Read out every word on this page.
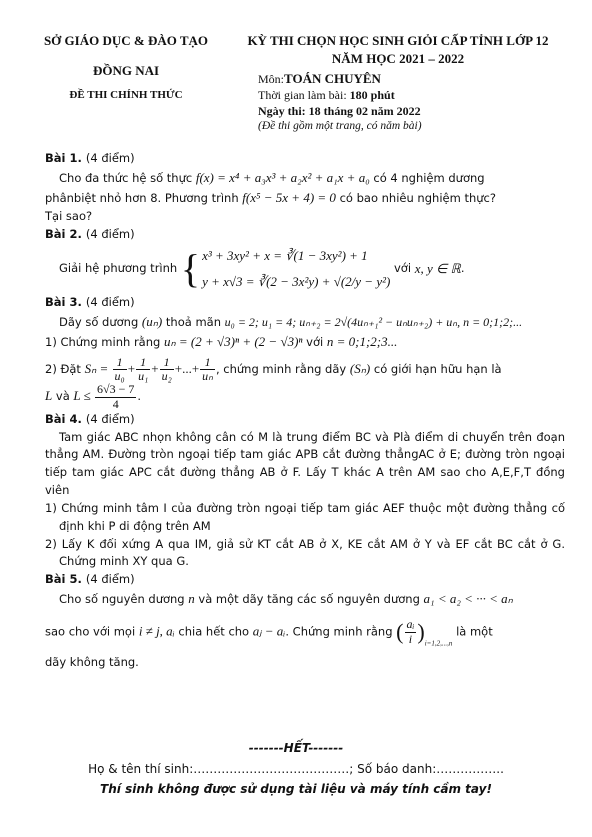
SỞ GIÁO DỤC & ĐÀO TẠO
ĐỒNG NAI
ĐỀ THI CHÍNH THỨC
KỲ THI CHỌN HỌC SINH GIỎI CẤP TỈNH LỚP 12
NĂM HỌC 2021 – 2022
Môn:TOÁN CHUYÊN
Thời gian làm bài: 180 phút
Ngày thi: 18 tháng 02 năm 2022
(Đề thi gồm một trang, có năm bài)

Bài 1. (4 điểm)

Cho đa thức hệ số thực f(x) = x⁴ + a₃x³ + a₂x² + a₁x + a₀ có 4 nghiệm dương

phânbiệt nhỏ hơn 8. Phương trình f(x⁵ − 5x + 4) = 0 có bao nhiêu nghiệm thực?

Tại sao?

Bài 2. (4 điểm)

Giải hệ phương trình { x³ + 3xy² + x = ∛(1 − 3xy²) + 1
y + x√3 = ∛(2 − 3x²y) + √(2/y − y²)
với x, y ∈ ℝ.

Bài 3. (4 điểm)

Dãy số dương (uₙ) thoả mãn u₀ = 2; u₁ = 4; uₙ₊₂ = 2√(4uₙ₊₁² − uₙuₙ₊₂) + uₙ, n = 0;1;2;...

1) Chứng minh rằng uₙ = (2 + √3)ⁿ + (2 − √3)ⁿ với n = 0;1;2;3...

2) Đặt $S_n = \frac{1}{\text{u₀}} + \frac{1}{\text{u₁}} + \frac{1}{\text{u₂}}$ +...+ $\frac{1}{\text{uₙ}}$ , chứng minh rằng dãy (Sₙ) có giới hạn hữu hạn là

L và $L \le \frac{6√3 - 7}{4}$ .

Bài 4. (4 điểm)

Tam giác ABC nhọn không cân có M là trung điểm BC và Plà điểm di chuyển trên đoạn thẳng AM. Đường tròn ngoại tiếp tam giác APB cắt đường thẳngAC ở E; đường tròn ngoại tiếp tam giác APC cắt đường thẳng AB ở F. Lấy T khác A trên AM sao cho A,E,F,T đồng viên

1) Chứng minh tâm I của đường tròn ngoại tiếp tam giác AEF thuộc một đường thẳng cố định khi P di động trên AM

2) Lấy K đối xứng A qua IM, giả sử KT cắt AB ở X, KE cắt AM ở Y và EF cắt BC cắt ở G. Chứng minh XY qua G.

Bài 5. (4 điểm)

Cho số nguyên dương n và một dãy tăng các số nguyên dương a₁ < a₂ < ··· < aₙ

sao cho với mọi i ≠ j, aᵢ chia hết cho aⱼ − aᵢ. Chứng minh rằng ( $\frac{\text{aᵢ}}{i} )_{i=1,2,...,n}$ là một

dãy không tăng.

-------HẾT-------
Họ & tên thí sinh:…………………………………; Số báo danh:……………..
Thí sinh không được sử dụng tài liệu và máy tính cầm tay!
